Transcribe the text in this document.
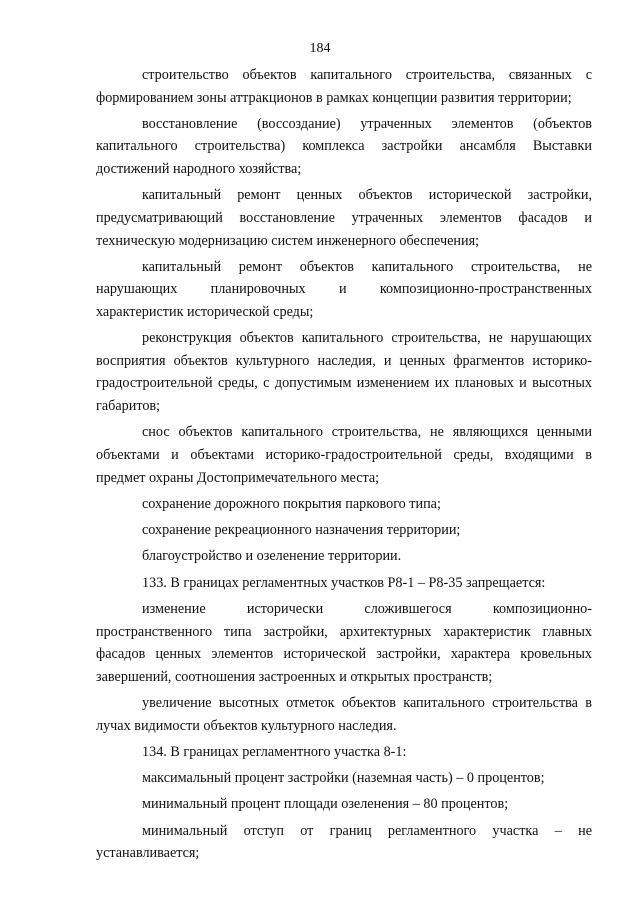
184

строительство объектов капитального строительства, связанных с формированием зоны аттракционов в рамках концепции развития территории;

восстановление (воссоздание) утраченных элементов (объектов капитального строительства) комплекса застройки ансамбля Выставки достижений народного хозяйства;

капитальный ремонт ценных объектов исторической застройки, предусматривающий восстановление утраченных элементов фасадов и техническую модернизацию систем инженерного обеспечения;

капитальный ремонт объектов капитального строительства, не нарушающих планировочных и композиционно-пространственных характеристик исторической среды;

реконструкция объектов капитального строительства, не нарушающих восприятия объектов культурного наследия, и ценных фрагментов историко-градостроительной среды, с допустимым изменением их плановых и высотных габаритов;

снос объектов капитального строительства, не являющихся ценными объектами и объектами историко-градостроительной среды, входящими в предмет охраны Достопримечательного места;

сохранение дорожного покрытия паркового типа;

сохранение рекреационного назначения территории;

благоустройство и озеленение территории.

133. В границах регламентных участков Р8-1 – Р8-35 запрещается:

изменение исторически сложившегося композиционно-пространственного типа застройки, архитектурных характеристик главных фасадов ценных элементов исторической застройки, характера кровельных завершений, соотношения застроенных и открытых пространств;

увеличение высотных отметок объектов капитального строительства в лучах видимости объектов культурного наследия.

134. В границах регламентного участка 8-1:

максимальный процент застройки (наземная часть) – 0 процентов;

минимальный процент площади озеленения – 80 процентов;

минимальный отступ от границ регламентного участка – не устанавливается;
